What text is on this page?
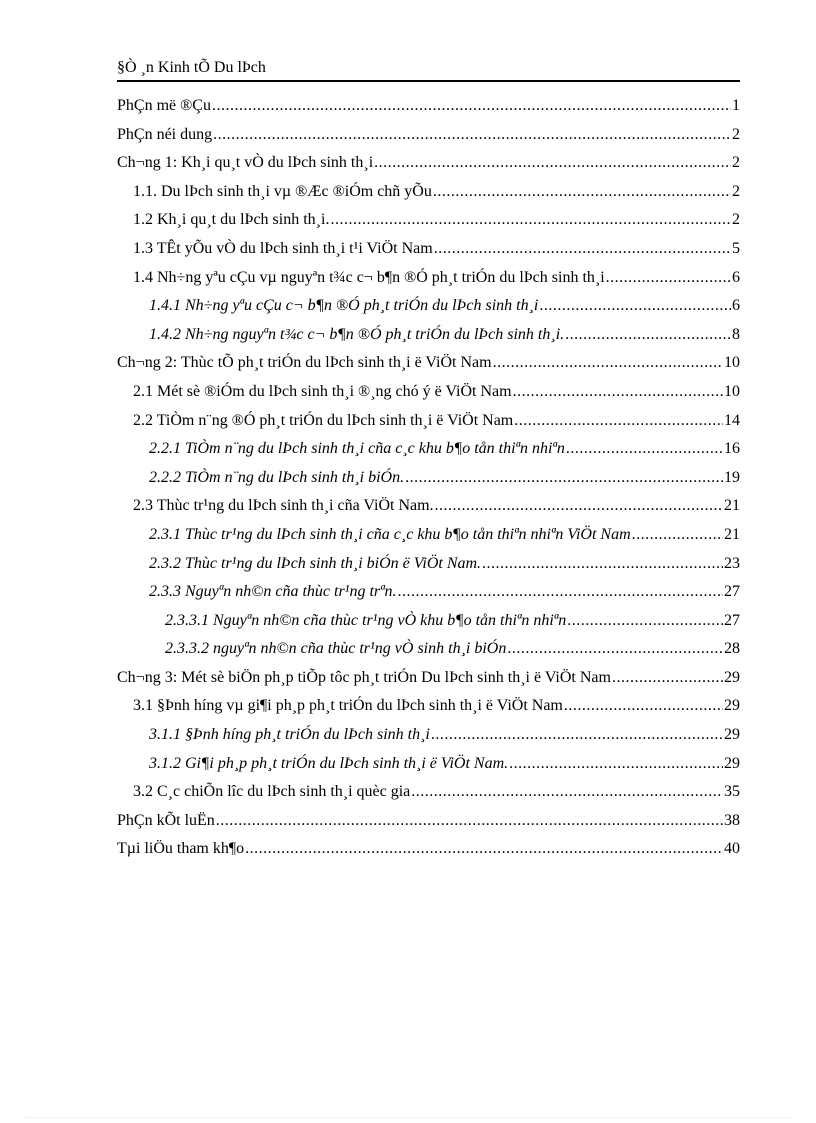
§Ò ¸n Kinh tÕ Du lÞch
PhÇn më ®Çu .....	1
PhÇn néi dung .....	2
Ch¬ng 1: Kh¸i qu¸t vÒ du lÞch sinh th¸i .....	2
1.1. Du lÞch sinh th¸i vµ ®Æc ®iÓm chñ yÕu .....	2
1.2 Kh¸i qu¸t du lÞch sinh th¸i. .....	2
1.3 TÊt yÕu vÒ du lÞch sinh th¸i t¹i ViÖt Nam .....	5
1.4 Nh÷ng yªu cÇu vµ nguyªn t¾c c¬ b¶n ®Ó ph¸t triÓn du lÞch sinh th¸i .....	6
1.4.1 Nh÷ng yªu cÇu c¬ b¶n ®Ó ph¸t triÓn du lÞch sinh th¸i .....	6
1.4.2 Nh÷ng nguyªn t¾c c¬ b¶n ®Ó ph¸t triÓn du lÞch sinh th¸i. .....	8
Ch¬ng 2: Thùc tÕ ph¸t triÓn du lÞch sinh th¸i ë ViÖt Nam .....	10
2.1 Mét sè ®iÓm du lÞch sinh th¸i ®¸ng chó ý ë ViÖt Nam .....	10
2.2 TiÒm n¨ng ®Ó ph¸t triÓn du lÞch sinh th¸i ë ViÖt Nam .....	14
2.2.1 TiÒm n¨ng du lÞch sinh th¸i cña c¸c khu b¶o tån thiªn nhiªn .....	16
2.2.2 TiÒm n¨ng du lÞch sinh th¸i biÓn. .....	19
2.3 Thùc tr¹ng du lÞch sinh th¸i cña ViÖt Nam. .....	21
2.3.1 Thùc tr¹ng du lÞch sinh th¸i cña c¸c khu b¶o tån thiªn nhiªn ViÖt Nam .....	21
2.3.2 Thùc tr¹ng du lÞch sinh th¸i biÓn ë ViÖt Nam. .....	23
2.3.3 Nguyªn nh©n cña thùc tr¹ng trªn. .....	27
2.3.3.1 Nguyªn nh©n cña thùc tr¹ng vÒ khu b¶o tån thiªn nhiªn .....	27
2.3.3.2 nguyªn nh©n cña thùc tr¹ng vÒ sinh th¸i biÓn .....	28
Ch¬ng 3: Mét sè biÖn ph¸p tiÕp tôc ph¸t triÓn Du lÞch sinh th¸i ë ViÖt Nam .....	29
3.1 §Þnh híng vµ gi¶i ph¸p ph¸t triÓn du lÞch sinh th¸i ë ViÖt Nam .....	29
3.1.1 §Þnh híng ph¸t triÓn du lÞch sinh th¸i .....	29
3.1.2 Gi¶i ph¸p ph¸t triÓn du lÞch sinh th¸i ë ViÖt Nam. .....	29
3.2 C¸c chiÕn lîc du lÞch sinh th¸i quèc gia .....	35
PhÇn kÕt luËn .....	38
Tµi liÖu tham kh¶o .....	40
